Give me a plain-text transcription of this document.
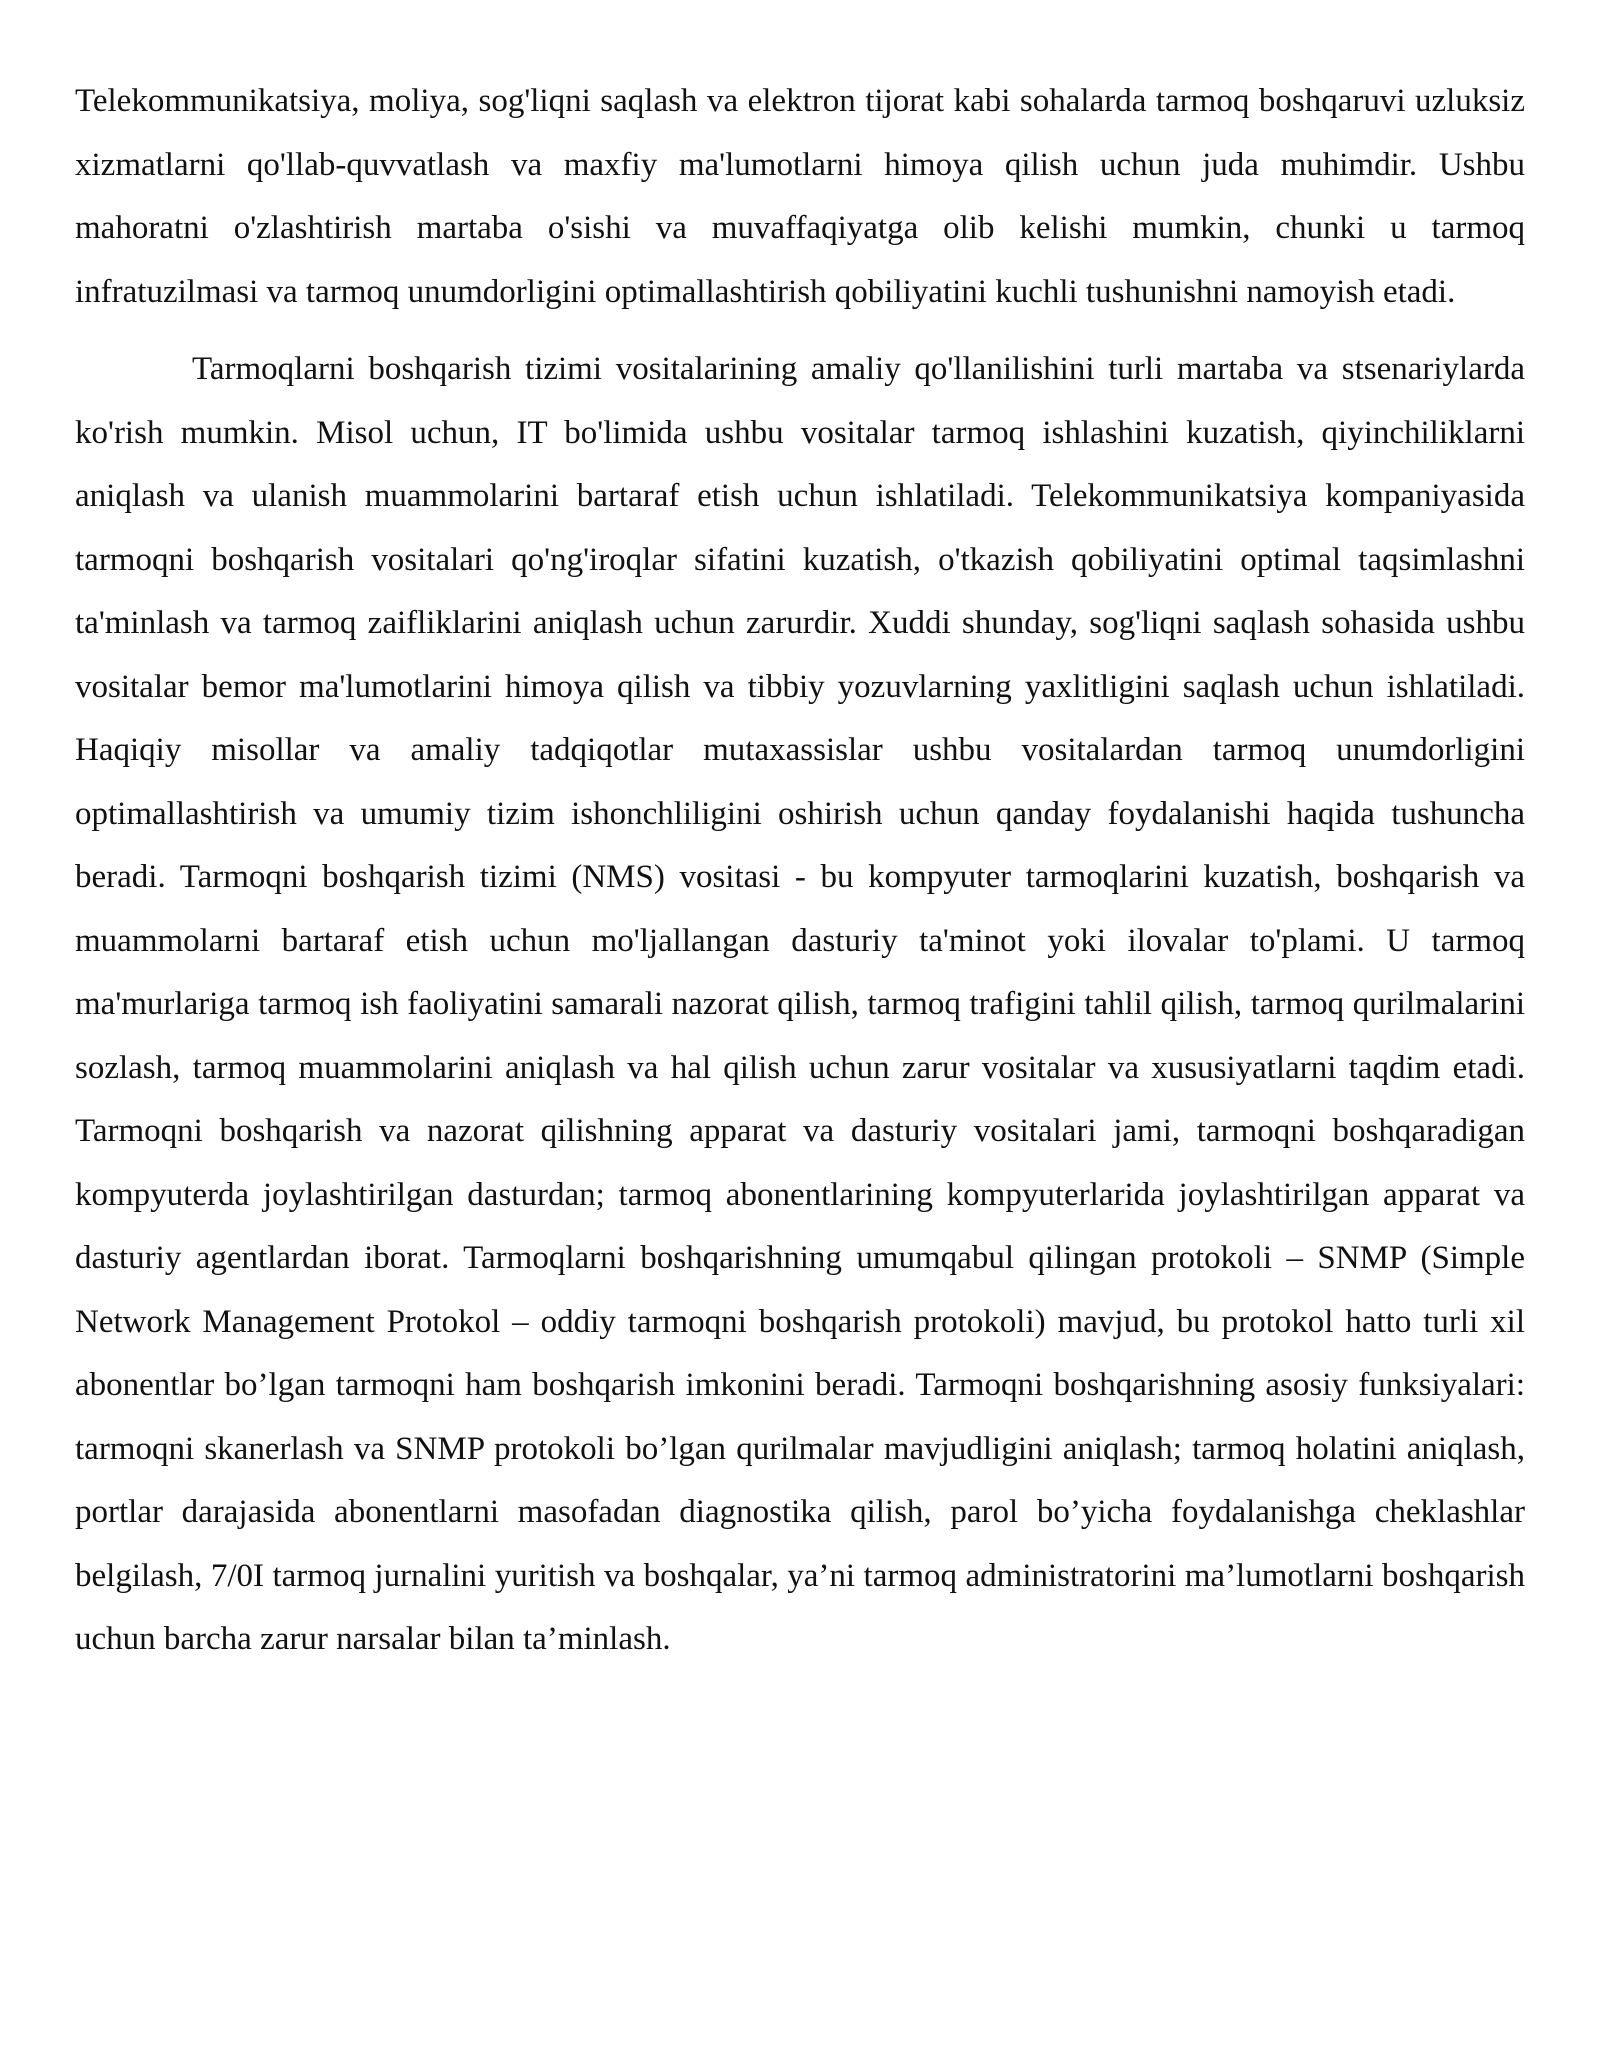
Telekommunikatsiya, moliya, sog'liqni saqlash va elektron tijorat kabi sohalarda tarmoq boshqaruvi uzluksiz xizmatlarni qo'llab-quvvatlash va maxfiy ma'lumotlarni himoya qilish uchun juda muhimdir. Ushbu mahoratni o'zlashtirish martaba o'sishi va muvaffaqiyatga olib kelishi mumkin, chunki u tarmoq infratuzilmasi va tarmoq unumdorligini optimallashtirish qobiliyatini kuchli tushunishni namoyish etadi.

Tarmoqlarni boshqarish tizimi vositalarining amaliy qo'llanilishini turli martaba va stsenariylarda ko'rish mumkin. Misol uchun, IT bo'limida ushbu vositalar tarmoq ishlashini kuzatish, qiyinchiliklarni aniqlash va ulanish muammolarini bartaraf etish uchun ishlatiladi. Telekommunikatsiya kompaniyasida tarmoqni boshqarish vositalari qo'ng'iroqlar sifatini kuzatish, o'tkazish qobiliyatini optimal taqsimlashni ta'minlash va tarmoq zaifliklarini aniqlash uchun zarurdir. Xuddi shunday, sog'liqni saqlash sohasida ushbu vositalar bemor ma'lumotlarini himoya qilish va tibbiy yozuvlarning yaxlitligini saqlash uchun ishlatiladi. Haqiqiy misollar va amaliy tadqiqotlar mutaxassislar ushbu vositalardan tarmoq unumdorligini optimallashtirish va umumiy tizim ishonchliligini oshirish uchun qanday foydalanishi haqida tushuncha beradi. Tarmoqni boshqarish tizimi (NMS) vositasi - bu kompyuter tarmoqlarini kuzatish, boshqarish va muammolarni bartaraf etish uchun mo'ljallangan dasturiy ta'minot yoki ilovalar to'plami. U tarmoq ma'murlariga tarmoq ish faoliyatini samarali nazorat qilish, tarmoq trafigini tahlil qilish, tarmoq qurilmalarini sozlash, tarmoq muammolarini aniqlash va hal qilish uchun zarur vositalar va xususiyatlarni taqdim etadi. Tarmoqni boshqarish va nazorat qilishning apparat va dasturiy vositalari jami, tarmoqni boshqaradigan kompyuterda joylashtirilgan dasturdan; tarmoq abonentlarining kompyuterlarida joylashtirilgan apparat va dasturiy agentlardan iborat. Tarmoqlarni boshqarishning umumqabul qilingan protokoli – SNMP (Simple Network Management Protokol – oddiy tarmoqni boshqarish protokoli) mavjud, bu protokol hatto turli xil abonentlar bo’lgan tarmoqni ham boshqarish imkonini beradi. Tarmoqni boshqarishning asosiy funksiyalari: tarmoqni skanerlash va SNMP protokoli bo’lgan qurilmalar mavjudligini aniqlash; tarmoq holatini aniqlash, portlar darajasida abonentlarni masofadan diagnostika qilish, parol bo’yicha foydalanishga cheklashlar belgilash, 7/0I tarmoq jurnalini yuritish va boshqalar, ya’ni tarmoq administratorini ma’lumotlarni boshqarish uchun barcha zarur narsalar bilan ta’minlash.
